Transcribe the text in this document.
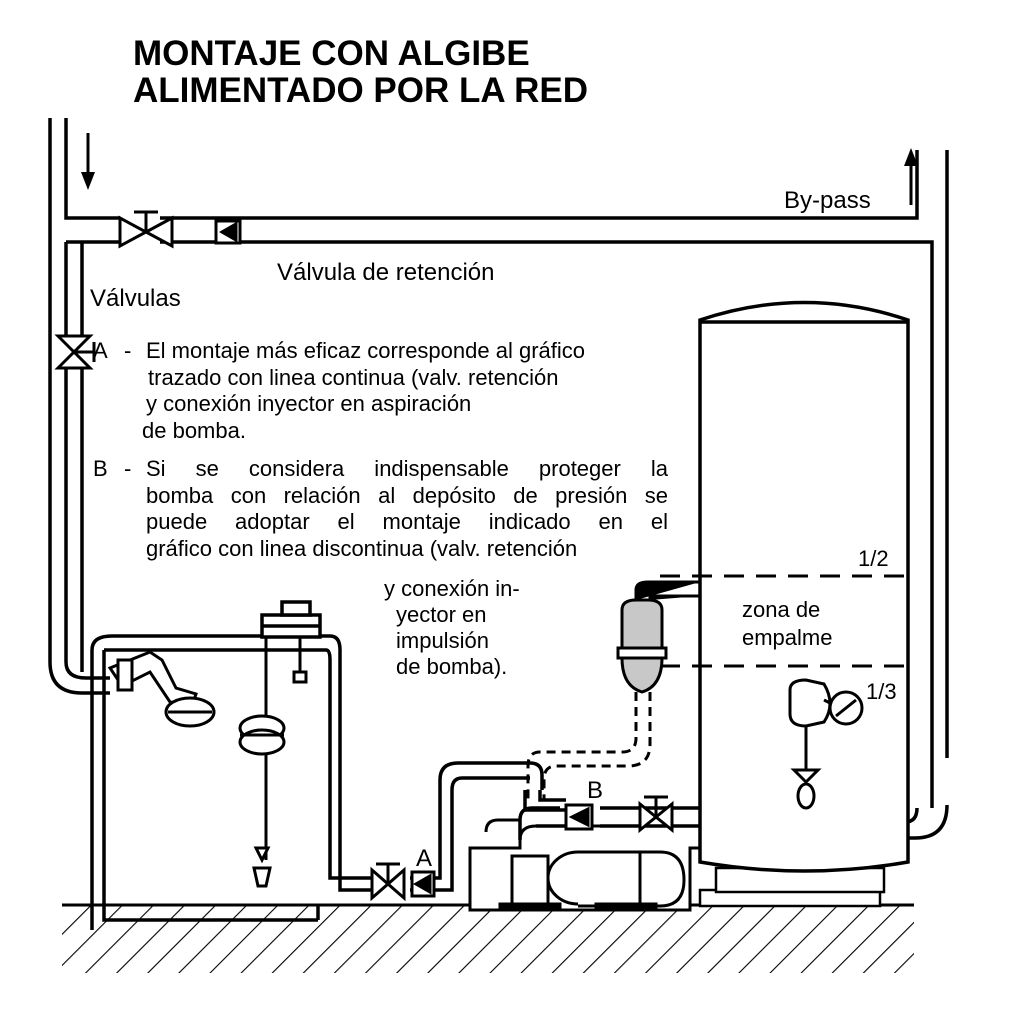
A
B
MONTAJE CON ALGIBE
ALIMENTADO POR LA RED
By-pass
Válvula de retención
Válvulas
A - El montaje más eficaz corresponde al gráfico
trazado con linea continua (valv. retención
y conexión inyector en aspiración
de bomba.
B - Si se considera indispensable proteger la
bomba con relación al depósito de presión se
puede adoptar el montaje indicado en el
gráfico con linea discontinua (valv. retención
y conexión in-
yector en
impulsión
de bomba).
1/2
zona de
empalme
1/3
